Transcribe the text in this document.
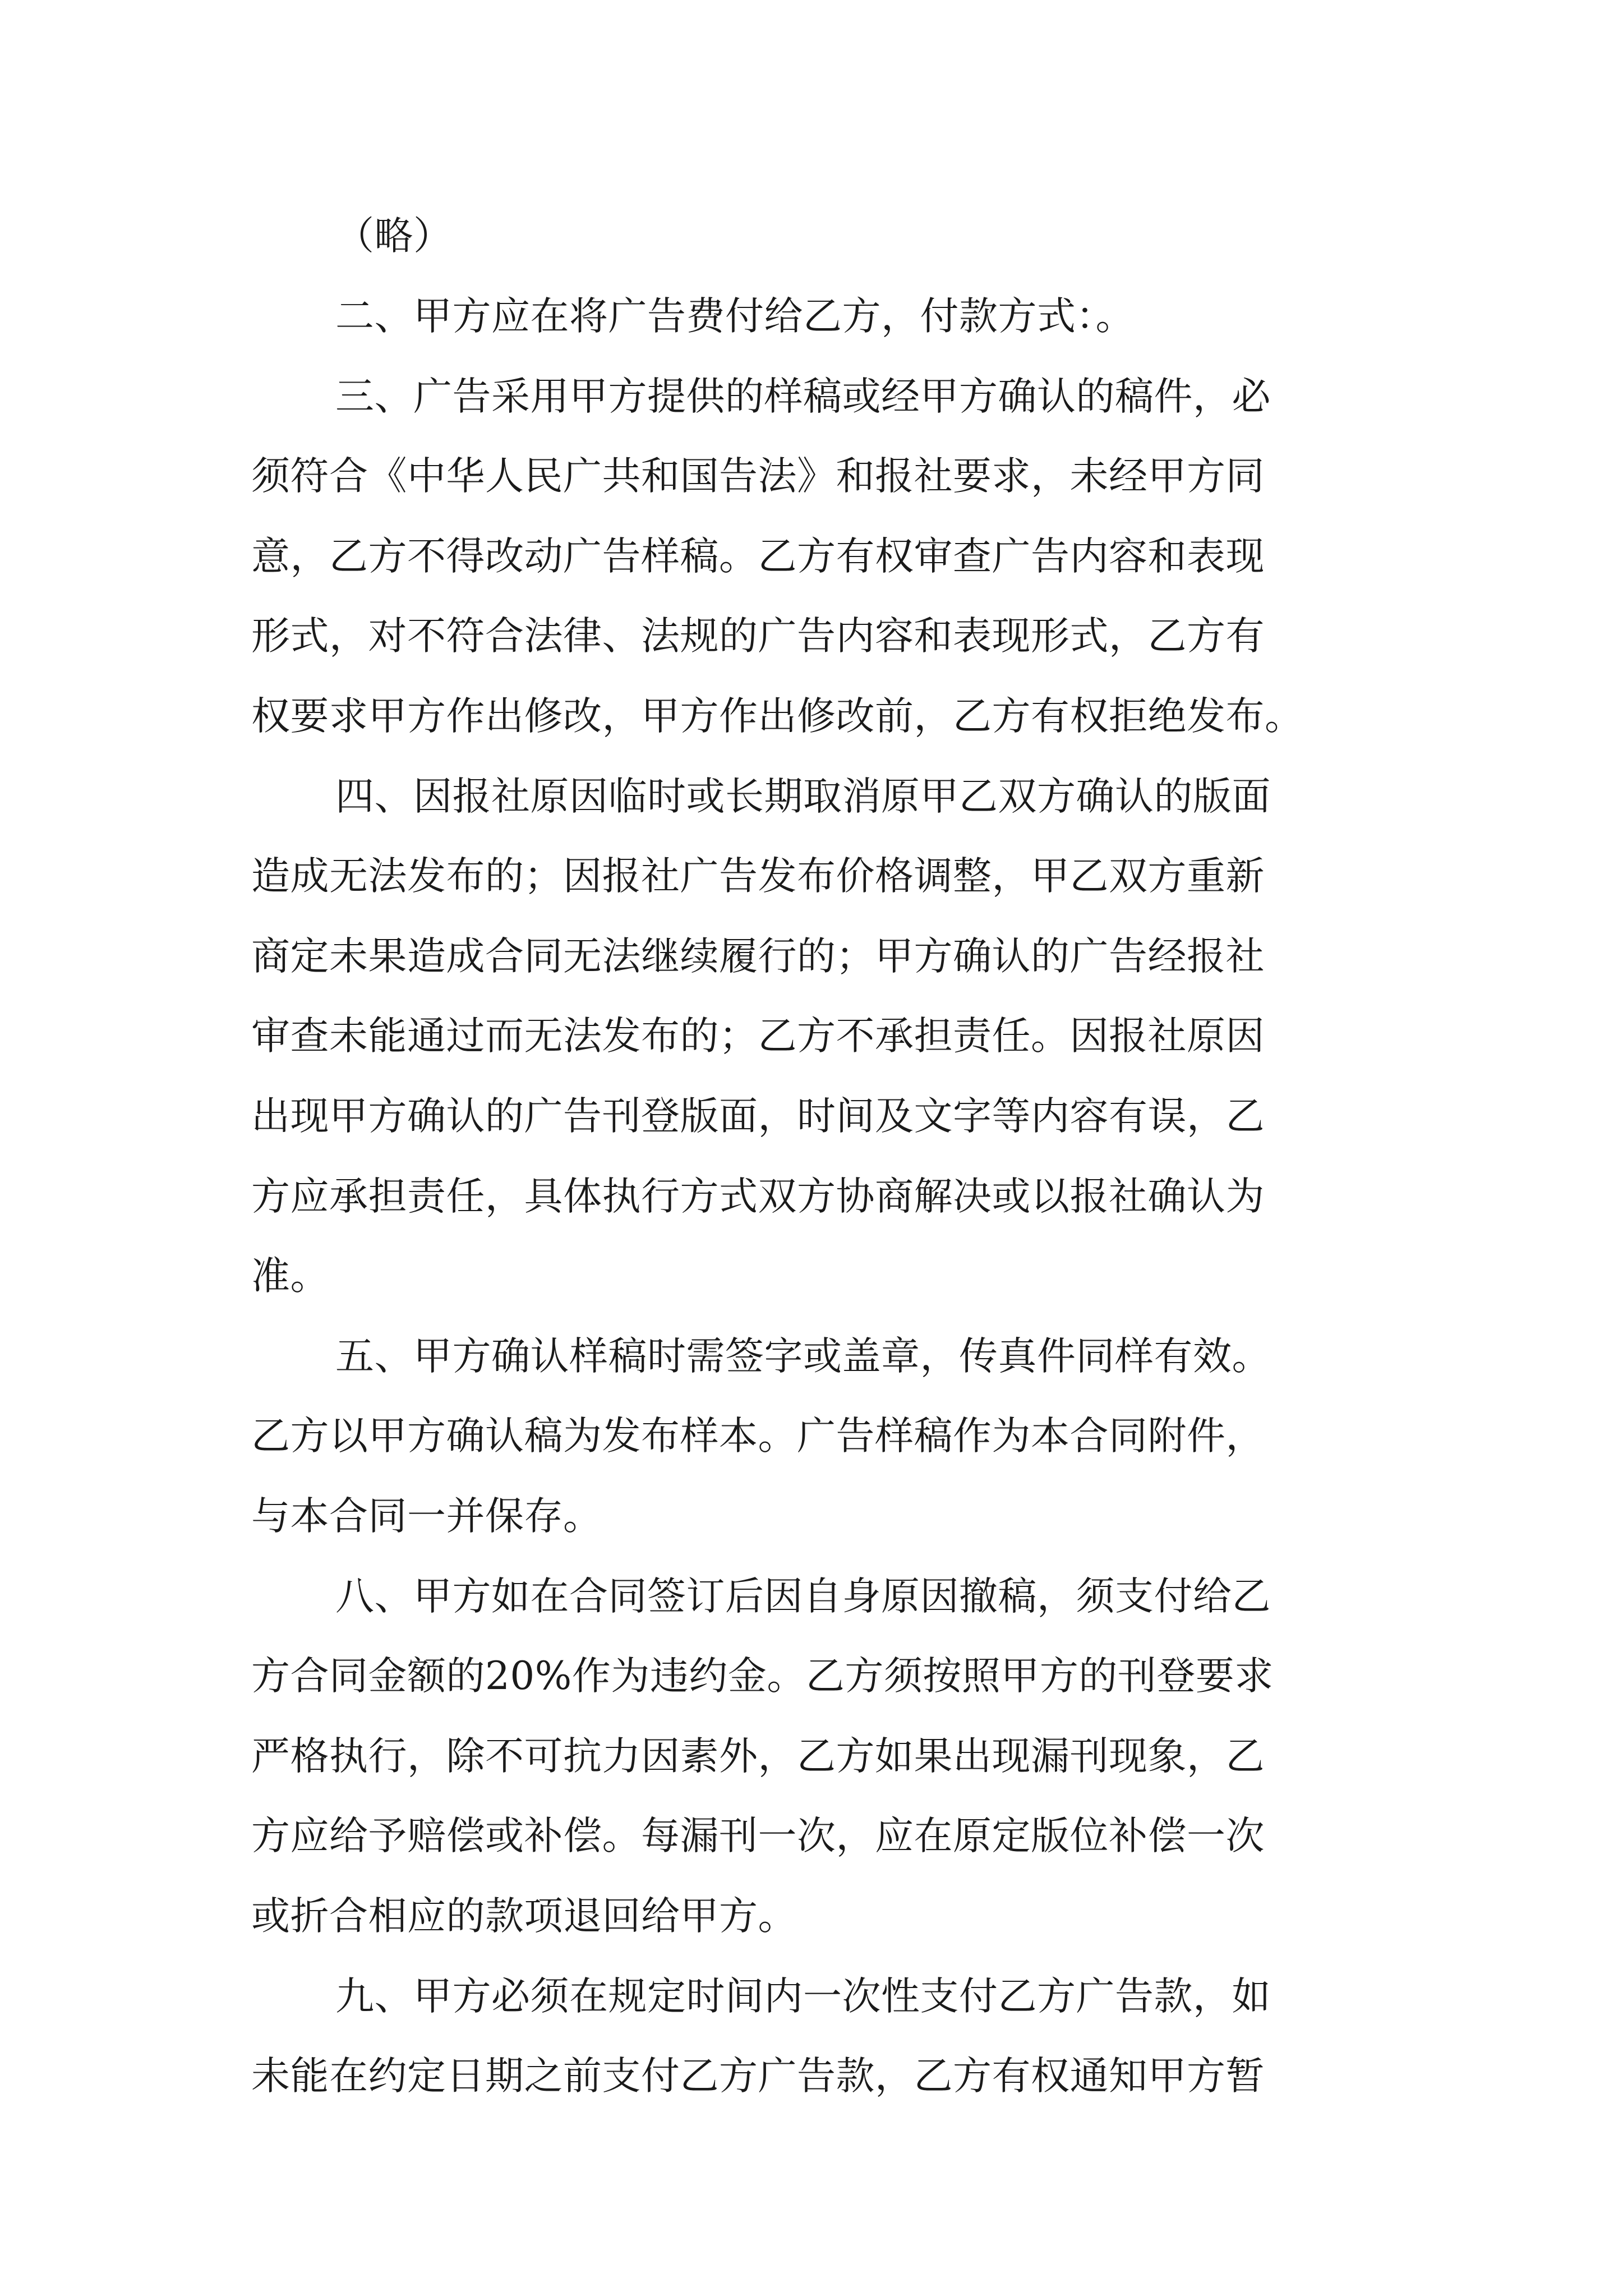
（略）
二、甲方应在将广告费付给乙方，付款方式：。
三、广告采用甲方提供的样稿或经甲方确认的稿件，必
须符合《中华人民广共和国告法》和报社要求，未经甲方同
意，乙方不得改动广告样稿。乙方有权审查广告内容和表现
形式，对不符合法律、法规的广告内容和表现形式，乙方有
权要求甲方作出修改，甲方作出修改前，乙方有权拒绝发布。
四、因报社原因临时或长期取消原甲乙双方确认的版面
造成无法发布的；因报社广告发布价格调整，甲乙双方重新
商定未果造成合同无法继续履行的；甲方确认的广告经报社
审查未能通过而无法发布的；乙方不承担责任。因报社原因
出现甲方确认的广告刊登版面，时间及文字等内容有误，乙
方应承担责任，具体执行方式双方协商解决或以报社确认为
准。
五、甲方确认样稿时需签字或盖章，传真件同样有效。
乙方以甲方确认稿为发布样本。广告样稿作为本合同附件，
与本合同一并保存。
八、甲方如在合同签订后因自身原因撤稿，须支付给乙
方合同金额的20%作为违约金。乙方须按照甲方的刊登要求
严格执行，除不可抗力因素外，乙方如果出现漏刊现象，乙
方应给予赔偿或补偿。每漏刊一次，应在原定版位补偿一次
或折合相应的款项退回给甲方。
九、甲方必须在规定时间内一次性支付乙方广告款，如
未能在约定日期之前支付乙方广告款，乙方有权通知甲方暂
